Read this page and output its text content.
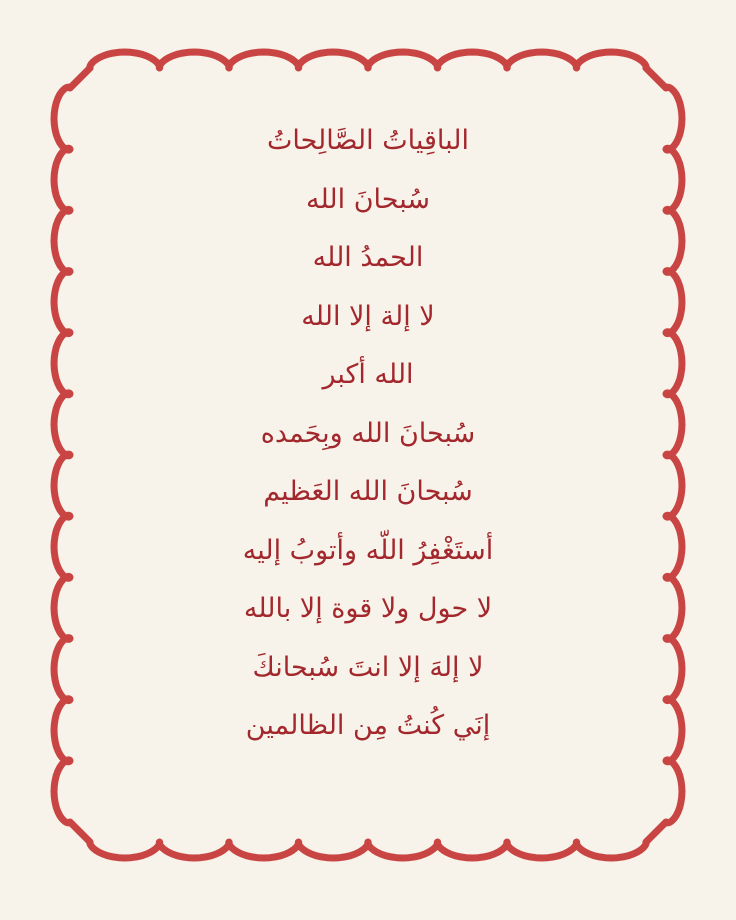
الباقِياتُ الصَّالِحاتُ
سُبحانَ الله
الحمدُ الله
لا إلة إلا الله
الله أكبر
سُبحانَ الله وبِحَمده
سُبحانَ الله العَظيم
أستَغْفِرُ اللّه وأتوبُ إليه
لا حول ولا قوة إلا بالله
لا إلهَ إلا انتَ سُبحانكَ
إنَي كُنتُ مِن الظالمين
